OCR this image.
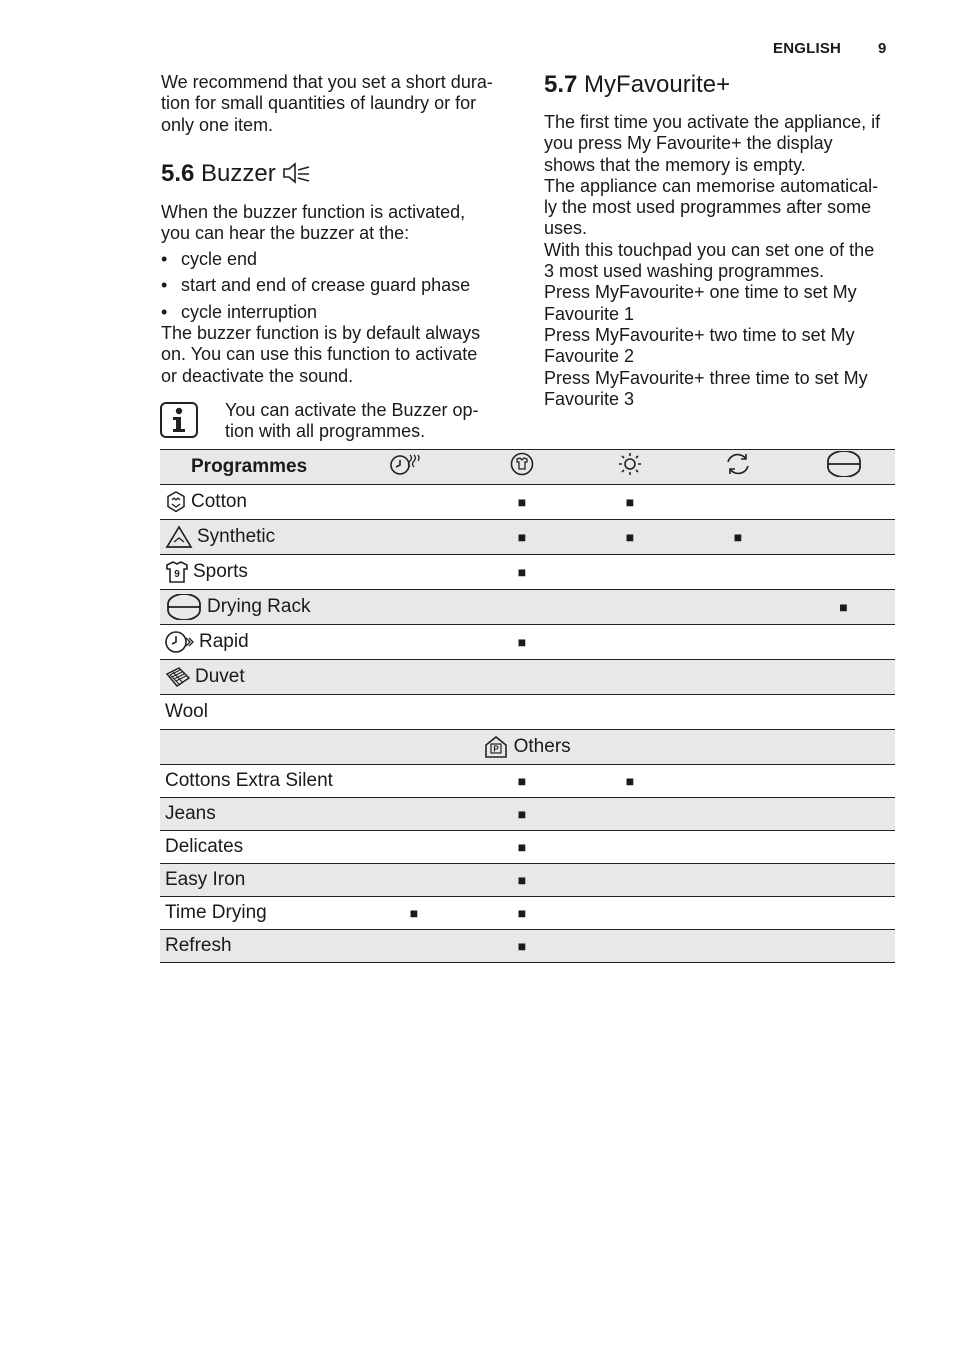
ENGLISH 9
We recommend that you set a short dura-
tion for small quantities of laundry or for
only one item.
5.6 Buzzer
When the buzzer function is activated,
you can hear the buzzer at the:
• cycle end
• start and end of crease guard phase
• cycle interruption
The buzzer function is by default always
on. You can use this function to activate
or deactivate the sound.
You can activate the Buzzer op-
tion with all programmes.
5.7 MyFavourite+
The first time you activate the appliance, if
you press My Favourite+ the display
shows that the memory is empty.
The appliance can memorise automatical-
ly the most used programmes after some
uses.
With this touchpad you can set one of the
3 most used washing programmes.
Press MyFavourite+ one time to set My
Favourite 1
Press MyFavourite+ two time to set My
Favourite 2
Press MyFavourite+ three time to set My
Favourite 3
Programmes					
Cotton		■	■		
Synthetic		■	■	■	

9 Sports		■			
Drying Rack					■
Rapid		■			
Duvet					
Wool					

P Others					
Cottons Extra Silent		■	■		
Jeans		■			
Delicates		■			
Easy Iron		■			
Time Drying	■	■			
Refresh		■			
